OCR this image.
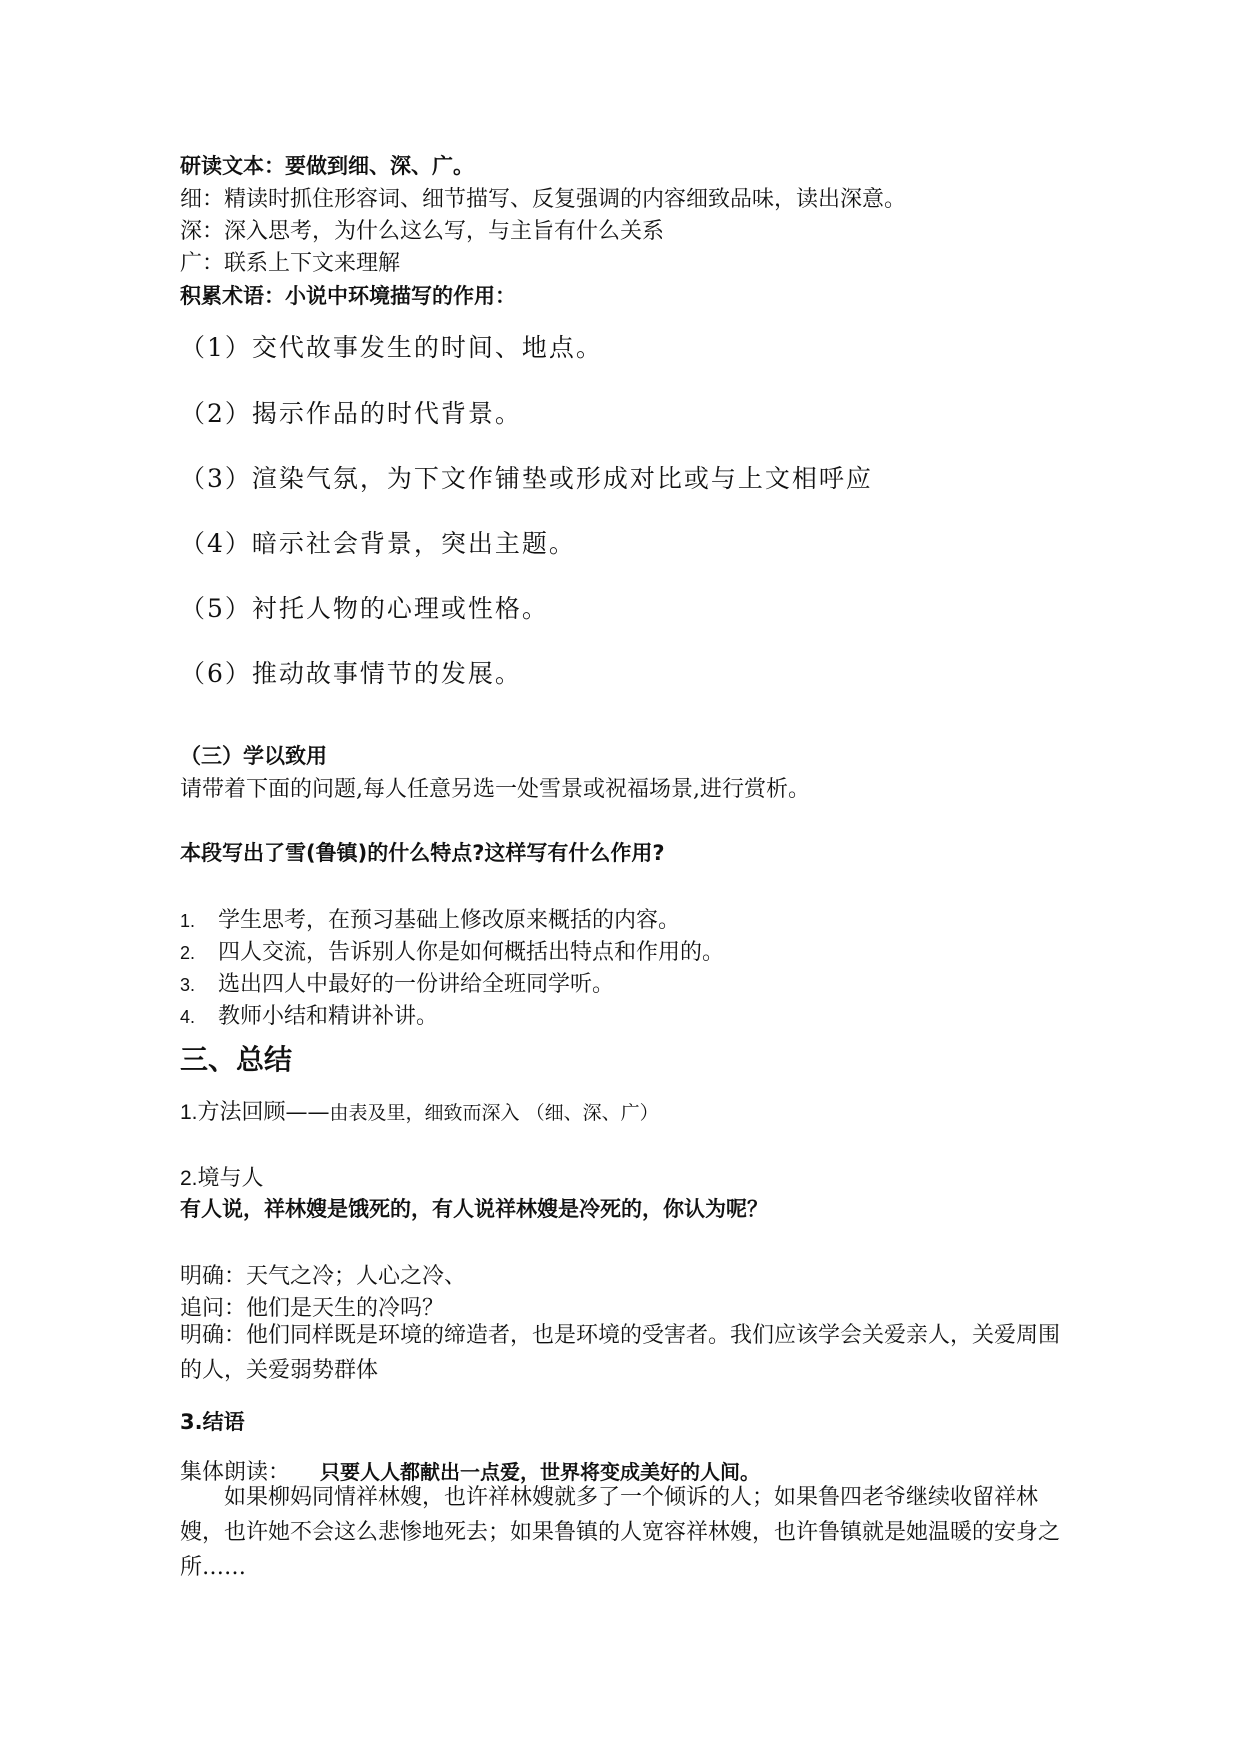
研读文本：要做到细、深、广。
细：精读时抓住形容词、细节描写、反复强调的内容细致品味，读出深意。
深：深入思考，为什么这么写，与主旨有什么关系
广：联系上下文来理解
积累术语：小说中环境描写的作用：
（1）交代故事发生的时间、地点。
（2）揭示作品的时代背景。
（3）渲染气氛，为下文作铺垫或形成对比或与上文相呼应
（4）暗示社会背景，突出主题。
（5）衬托人物的心理或性格。
（6）推动故事情节的发展。
（三）学以致用
请带着下面的问题,每人任意另选一处雪景或祝福场景,进行赏析。
本段写出了雪(鲁镇)的什么特点?这样写有什么作用?
1. 学生思考，在预习基础上修改原来概括的内容。
2. 四人交流，告诉别人你是如何概括出特点和作用的。
3. 选出四人中最好的一份讲给全班同学听。
4. 教师小结和精讲补讲。
三、总结
1.方法回顾——由表及里，细致而深入 （细、深、广）
2.境与人
有人说，祥林嫂是饿死的，有人说祥林嫂是冷死的，你认为呢？
明确：天气之冷；人心之冷、
追问：他们是天生的冷吗？
明确：他们同样既是环境的缔造者，也是环境的受害者。我们应该学会关爱亲人，关爱周围的人，关爱弱势群体
3.结语
集体朗读： 只要人人都献出一点爱，世界将变成美好的人间。
如果柳妈同情祥林嫂，也许祥林嫂就多了一个倾诉的人；如果鲁四老爷继续收留祥林嫂，也许她不会这么悲惨地死去；如果鲁镇的人宽容祥林嫂，也许鲁镇就是她温暖的安身之所……
